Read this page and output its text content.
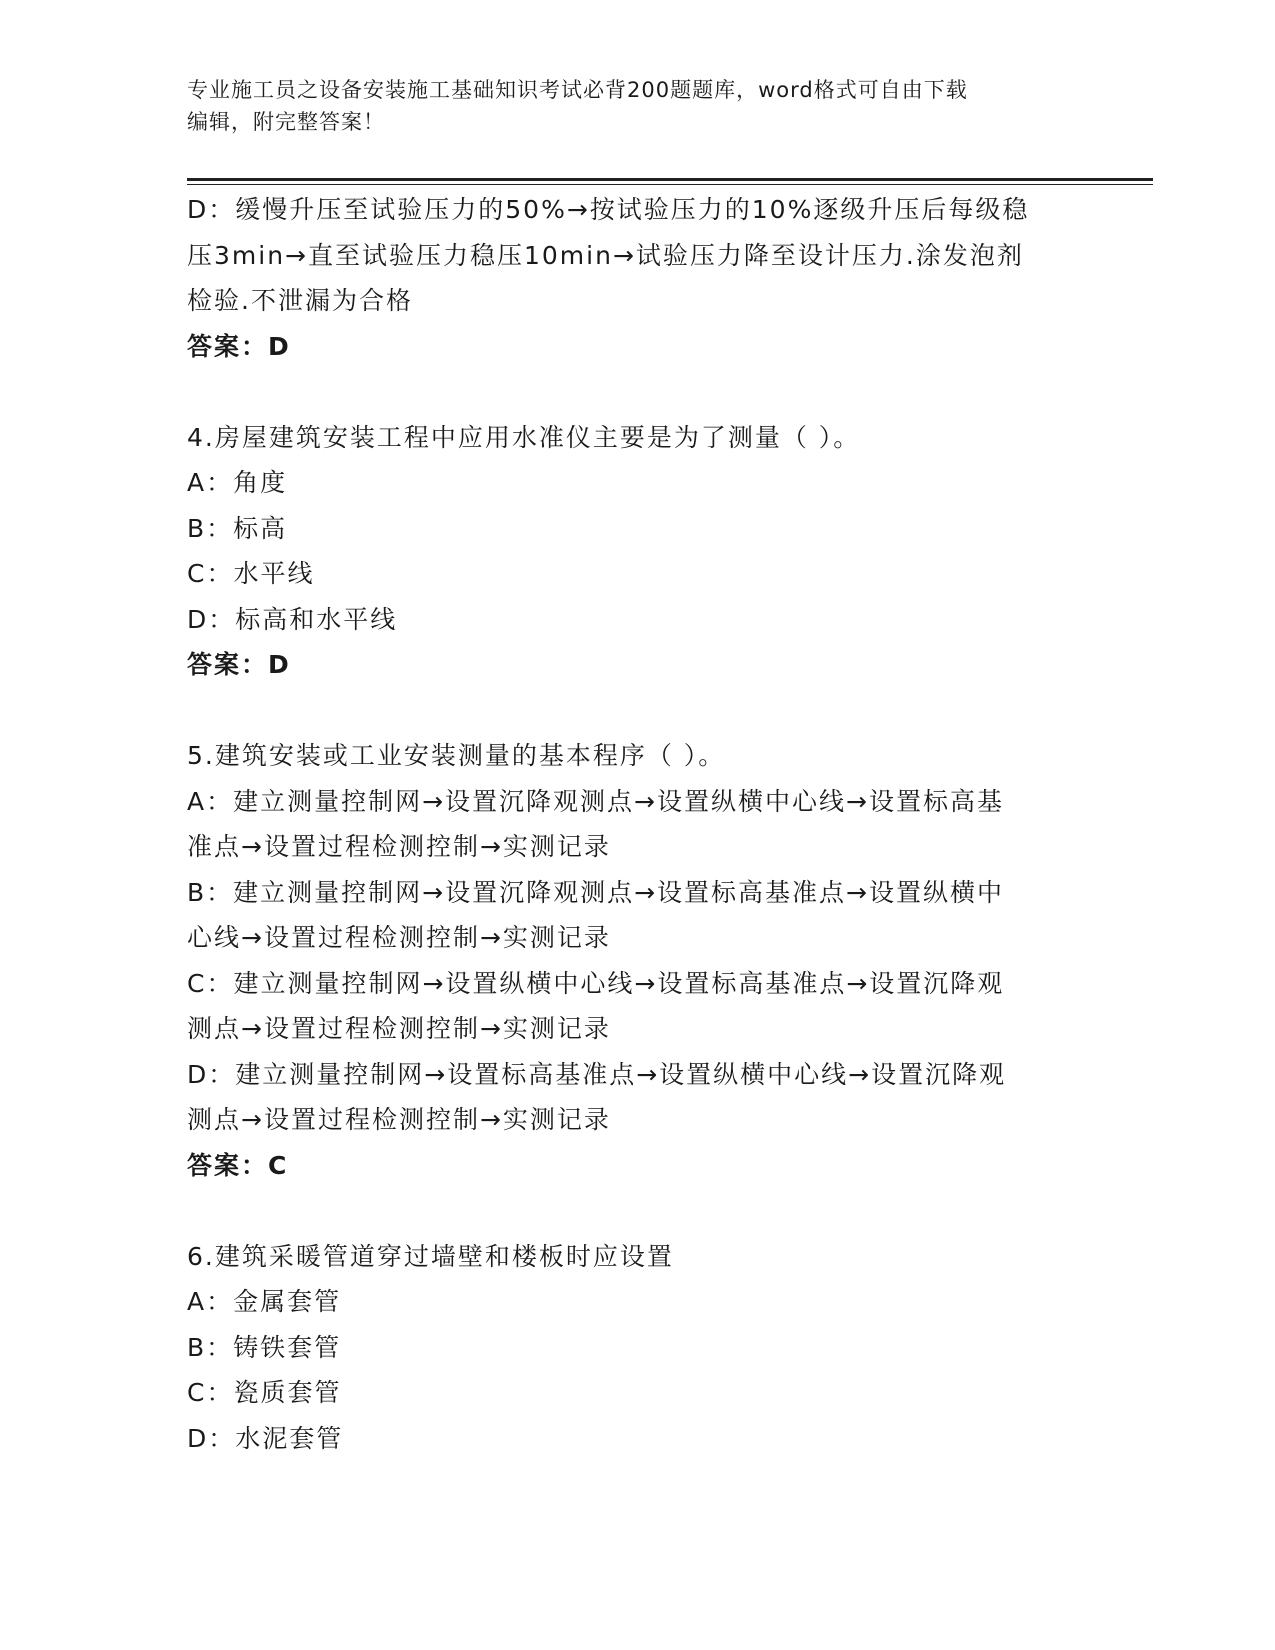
专业施工员之设备安装施工基础知识考试必背200题题库，word格式可自由下载
编辑，附完整答案！
D：缓慢升压至试验压力的50%→按试验压力的10%逐级升压后每级稳
压3min→直至试验压力稳压10min→试验压力降至设计压力.涂发泡剂
检验.不泄漏为合格
答案：D
4.房屋建筑安装工程中应用水准仪主要是为了测量（ ）。
A：角度
B：标高
C：水平线
D：标高和水平线
答案：D
5.建筑安装或工业安装测量的基本程序（ ）。
A：建立测量控制网→设置沉降观测点→设置纵横中心线→设置标高基
准点→设置过程检测控制→实测记录
B：建立测量控制网→设置沉降观测点→设置标高基准点→设置纵横中
心线→设置过程检测控制→实测记录
C：建立测量控制网→设置纵横中心线→设置标高基准点→设置沉降观
测点→设置过程检测控制→实测记录
D：建立测量控制网→设置标高基准点→设置纵横中心线→设置沉降观
测点→设置过程检测控制→实测记录
答案：C
6.建筑采暖管道穿过墙壁和楼板时应设置
A：金属套管
B：铸铁套管
C：瓷质套管
D：水泥套管
